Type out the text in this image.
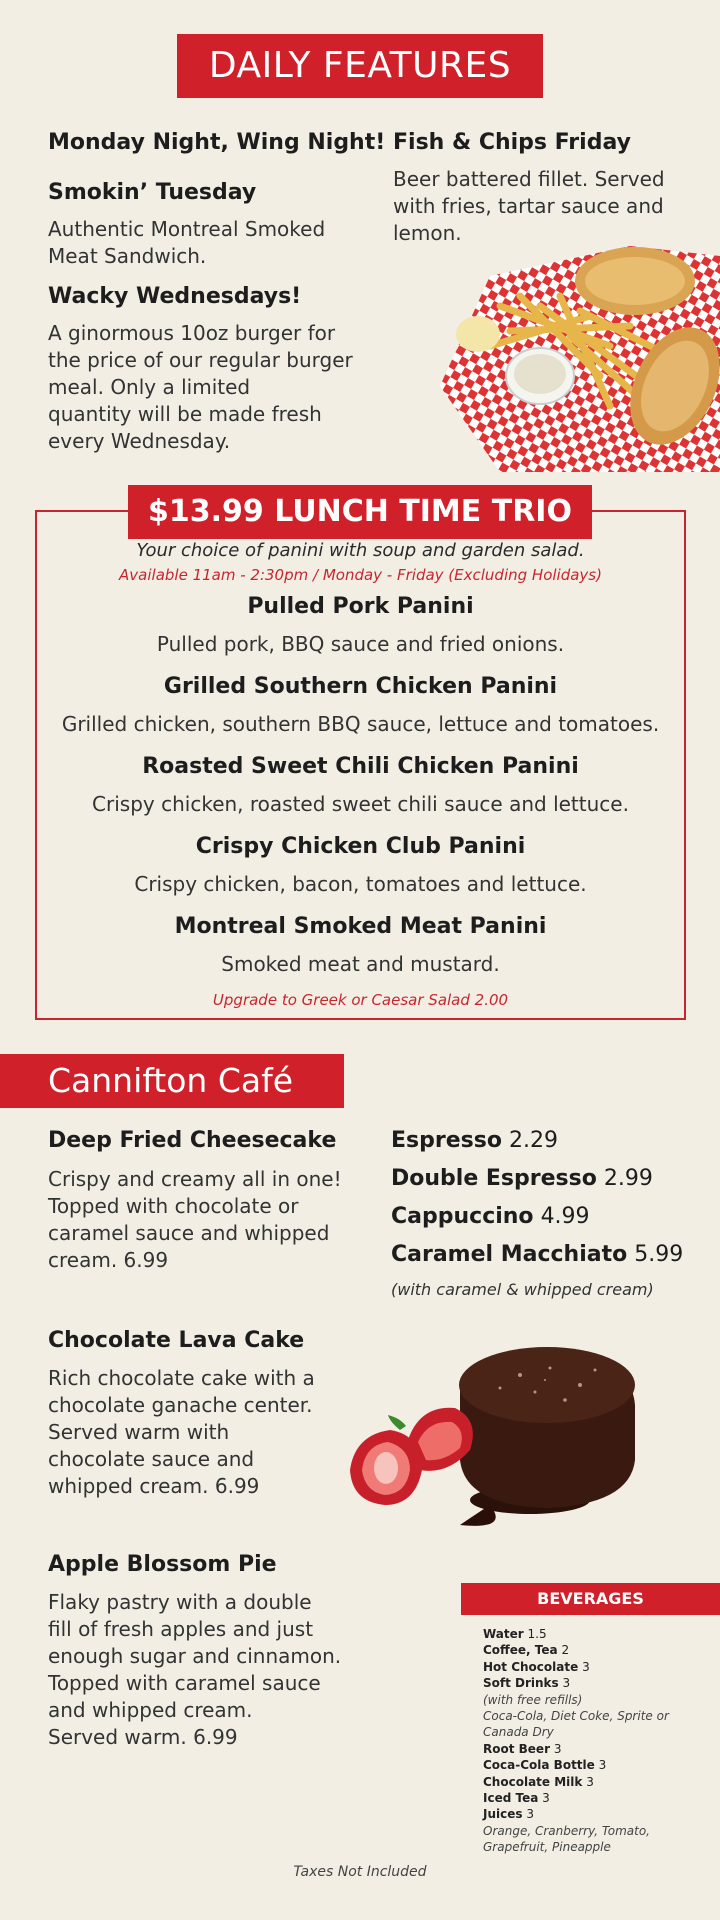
DAILY FEATURES
Monday Night, Wing Night!
Smokin’ Tuesday
Authentic Montreal Smoked
Meat Sandwich.
Wacky Wednesdays!
A ginormous 10oz burger for
the price of our regular burger
meal. Only a limited
quantity will be made fresh
every Wednesday.
Fish & Chips Friday
Beer battered fillet. Served
with fries, tartar sauce and
lemon.
$13.99 LUNCH TIME TRIO
Your choice of panini with soup and garden salad.
Available 11am - 2:30pm / Monday - Friday (Excluding Holidays)
Pulled Pork Panini
Pulled pork, BBQ sauce and fried onions.
Grilled Southern Chicken Panini
Grilled chicken, southern BBQ sauce, lettuce and tomatoes.
Roasted Sweet Chili Chicken Panini
Crispy chicken, roasted sweet chili sauce and lettuce.
Crispy Chicken Club Panini
Crispy chicken, bacon, tomatoes and lettuce.
Montreal Smoked Meat Panini
Smoked meat and mustard.
Upgrade to Greek or Caesar Salad 2.00
Cannifton Café
Deep Fried Cheesecake
Crispy and creamy all in one!
Topped with chocolate or
caramel sauce and whipped
cream. 6.99
Espresso 2.29
Double Espresso 2.99
Cappuccino 4.99
Caramel Macchiato 5.99
(with caramel & whipped cream)
Chocolate Lava Cake
Rich chocolate cake with a
chocolate ganache center.
Served warm with
chocolate sauce and
whipped cream. 6.99
Apple Blossom Pie
Flaky pastry with a double
fill of fresh apples and just
enough sugar and cinnamon.
Topped with caramel sauce
and whipped cream.
Served warm. 6.99
BEVERAGES
Water 1.5
Coffee, Tea 2
Hot Chocolate 3
Soft Drinks 3
(with free refills)
Coca-Cola, Diet Coke, Sprite or
Canada Dry
Root Beer 3
Coca-Cola Bottle 3
Chocolate Milk 3
Iced Tea 3
Juices 3
Orange, Cranberry, Tomato,
Grapefruit, Pineapple
Taxes Not Included
